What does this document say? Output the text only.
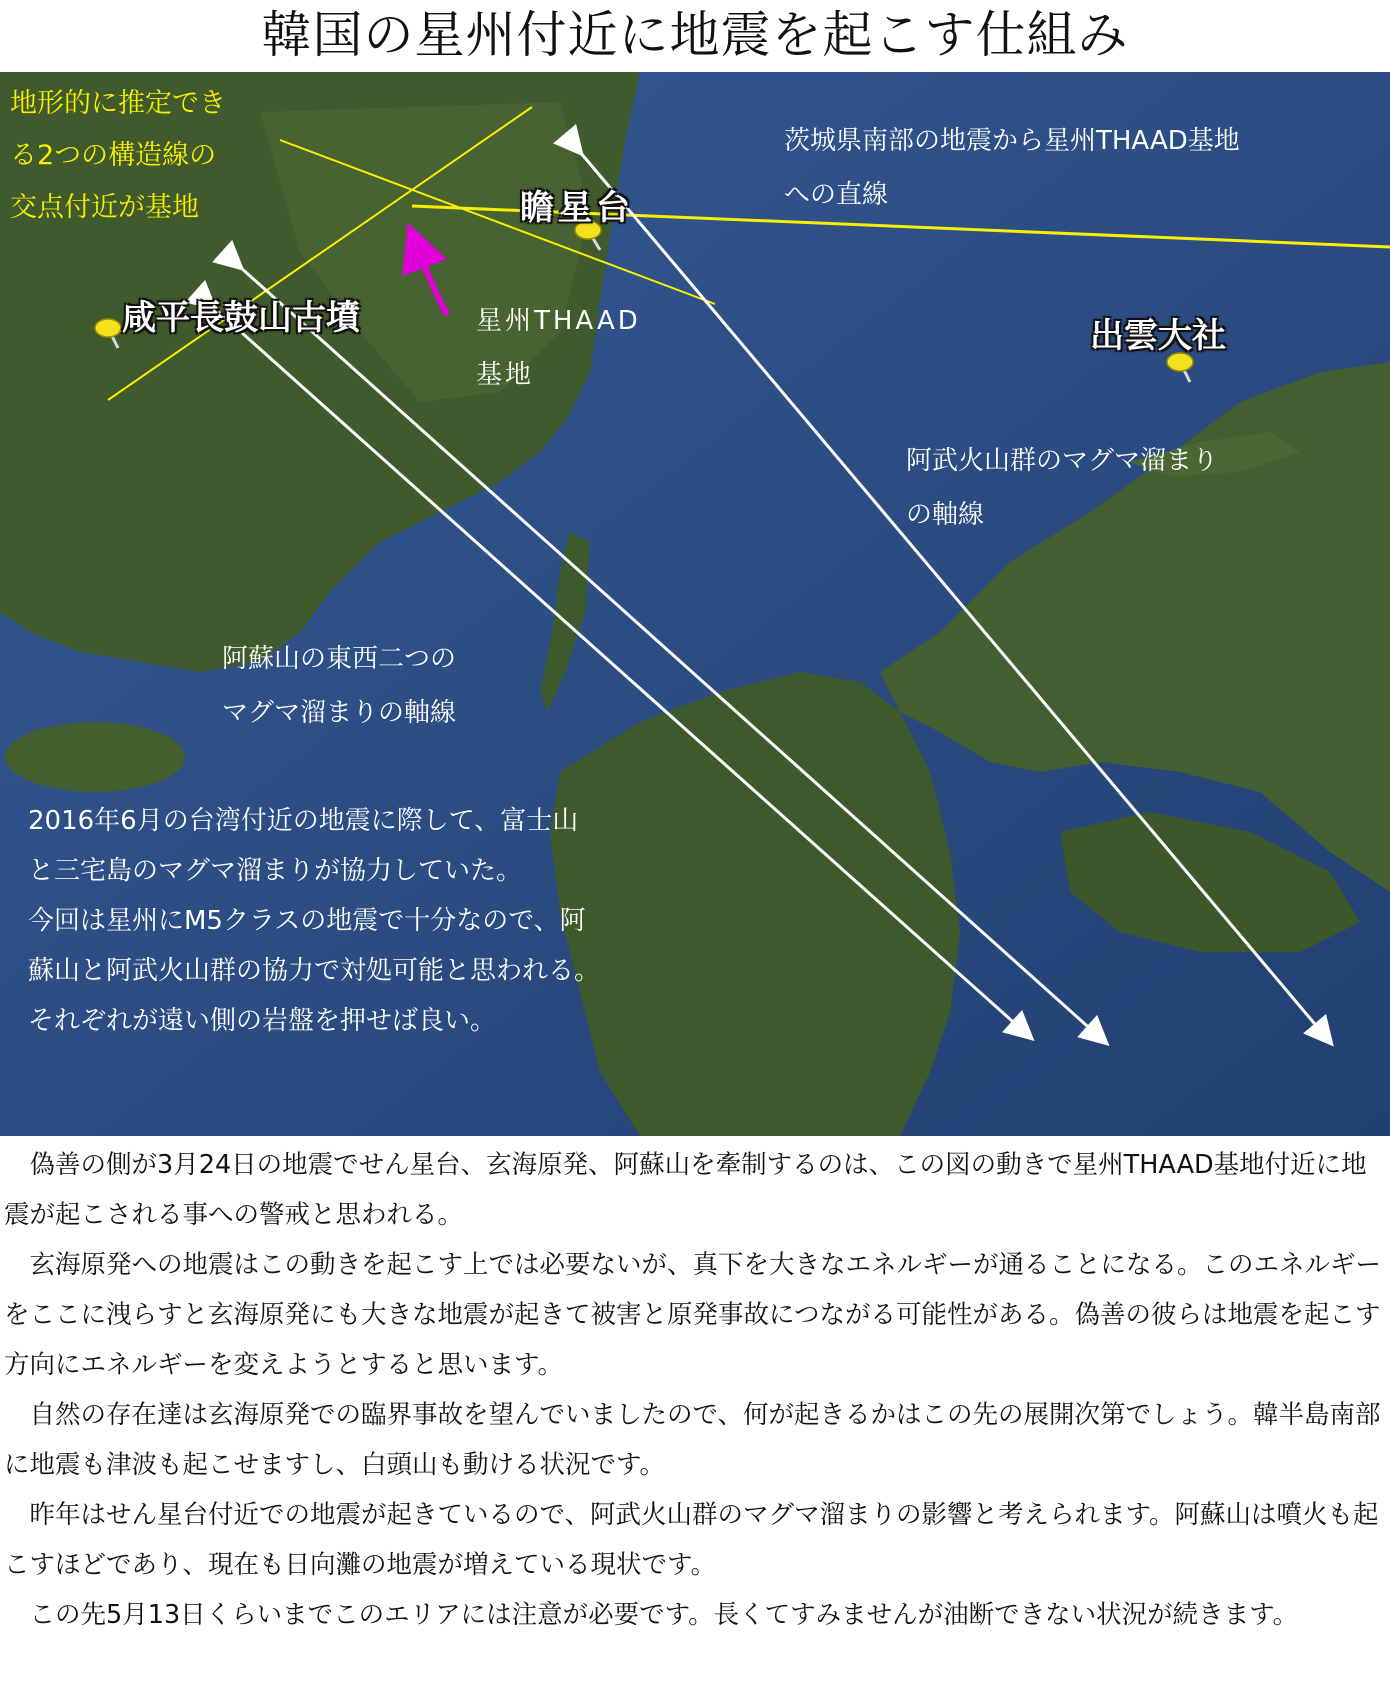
韓国の星州付近に地震を起こす仕組み
地形的に推定でき
る2つの構造線の
交点付近が基地
茨城県南部の地震から星州THAAD基地
への直線
瞻星台
咸平長鼓山古墳	出雲大社
星州THAAD
基地
阿武火山群のマグマ溜まり
の軸線
阿蘇山の東西二つの
マグマ溜まりの軸線
2016年6月の台湾付近の地震に際して、富士山
と三宅島のマグマ溜まりが協力していた。
今回は星州にM5クラスの地震で十分なので、阿
蘇山と阿武火山群の協力で対処可能と思われる。
それぞれが遠い側の岩盤を押せば良い。

　偽善の側が3月24日の地震でせん星台、玄海原発、阿蘇山を牽制するのは、この図の動きで星州THAAD基地付近に地震が起こされる事への警戒と思われる。

　玄海原発への地震はこの動きを起こす上では必要ないが、真下を大きなエネルギーが通ることになる。このエネルギーをここに洩らすと玄海原発にも大きな地震が起きて被害と原発事故につながる可能性がある。偽善の彼らは地震を起こす方向にエネルギーを変えようとすると思います。

　自然の存在達は玄海原発での臨界事故を望んでいましたので、何が起きるかはこの先の展開次第でしょう。韓半島南部に地震も津波も起こせますし、白頭山も動ける状況です。

　昨年はせん星台付近での地震が起きているので、阿武火山群のマグマ溜まりの影響と考えられます。阿蘇山は噴火も起こすほどであり、現在も日向灘の地震が増えている現状です。

　この先5月13日くらいまでこのエリアには注意が必要です。長くてすみませんが油断できない状況が続きます。
